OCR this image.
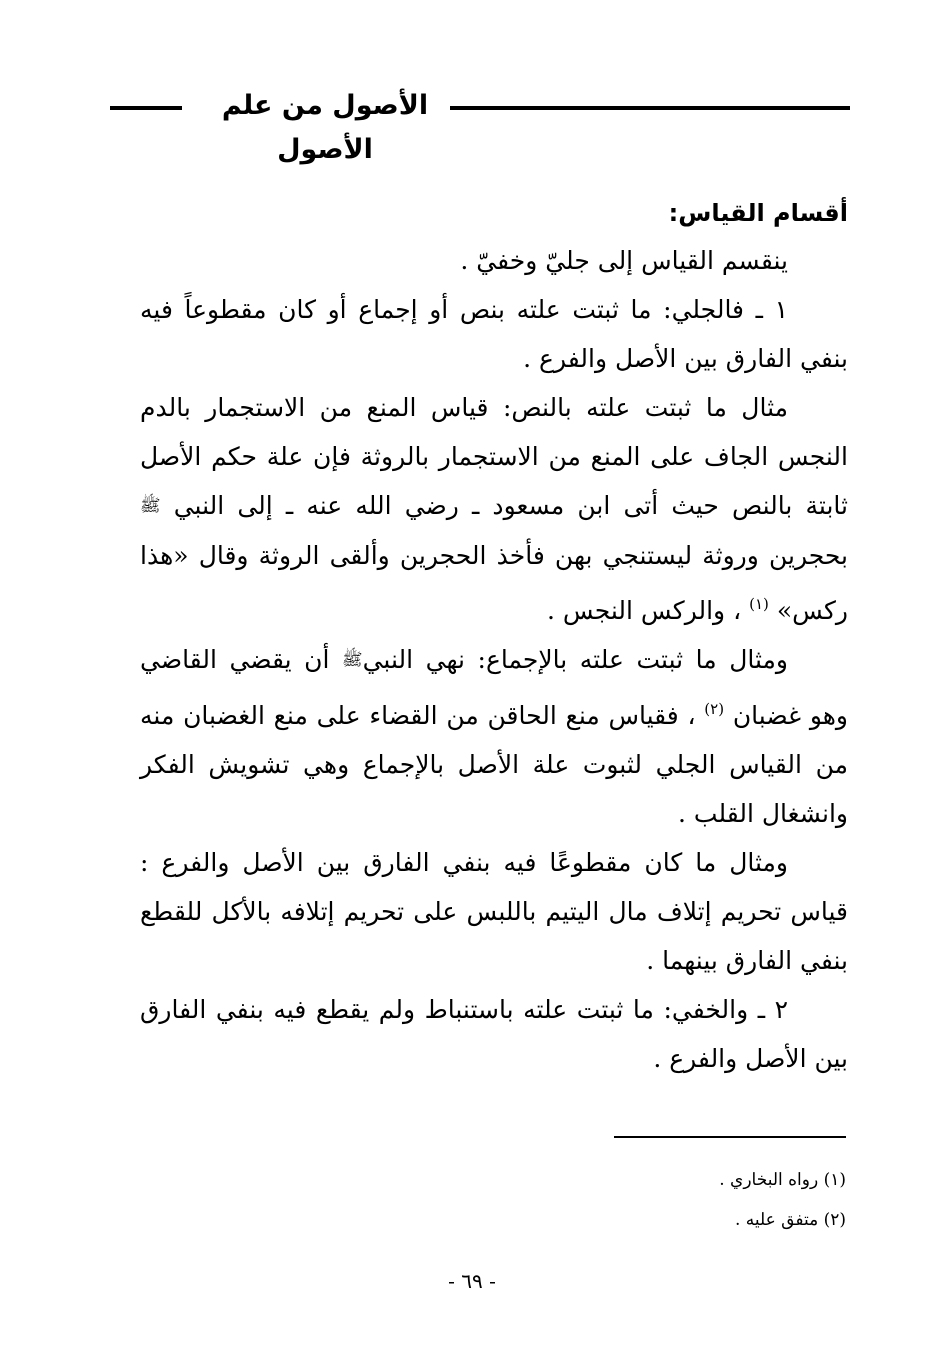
الأصول من علم الأصول

أقسام القياس:

ينقسم القياس إلى جليّ وخفيّ .

١ ـ فالجلي: ما ثبتت علته بنص أو إجماع أو كان مقطوعاً فيه بنفي الفارق بين الأصل والفرع .

مثال ما ثبتت علته بالنص: قياس المنع من الاستجمار بالدم النجس الجاف على المنع من الاستجمار بالروثة فإن علة حكم الأصل ثابتة بالنص حيث أتى ابن مسعود ـ رضي الله عنه ـ إلى النبي ﷺ بحجرين وروثة ليستنجي بهن فأخذ الحجرين وألقى الروثة وقال «هذا ركس» $^{(١)}$ ، والركس النجس .

ومثال ما ثبتت علته بالإجماع: نهي النبيﷺ أن يقضي القاضي وهو غضبان $^{(٢)}$ ، فقياس منع الحاقن من القضاء على منع الغضبان منه من القياس الجلي لثبوت علة الأصل بالإجماع وهي تشويش الفكر وانشغال القلب .

ومثال ما كان مقطوعًا فيه بنفي الفارق بين الأصل والفرع : قياس تحريم إتلاف مال اليتيم باللبس على تحريم إتلافه بالأكل للقطع بنفي الفارق بينهما .

٢ ـ والخفي: ما ثبتت علته باستنباط ولم يقطع فيه بنفي الفارق بين الأصل والفرع .

(١) رواه البخاري .
(٢) متفق عليه .
- ٦٩ -
